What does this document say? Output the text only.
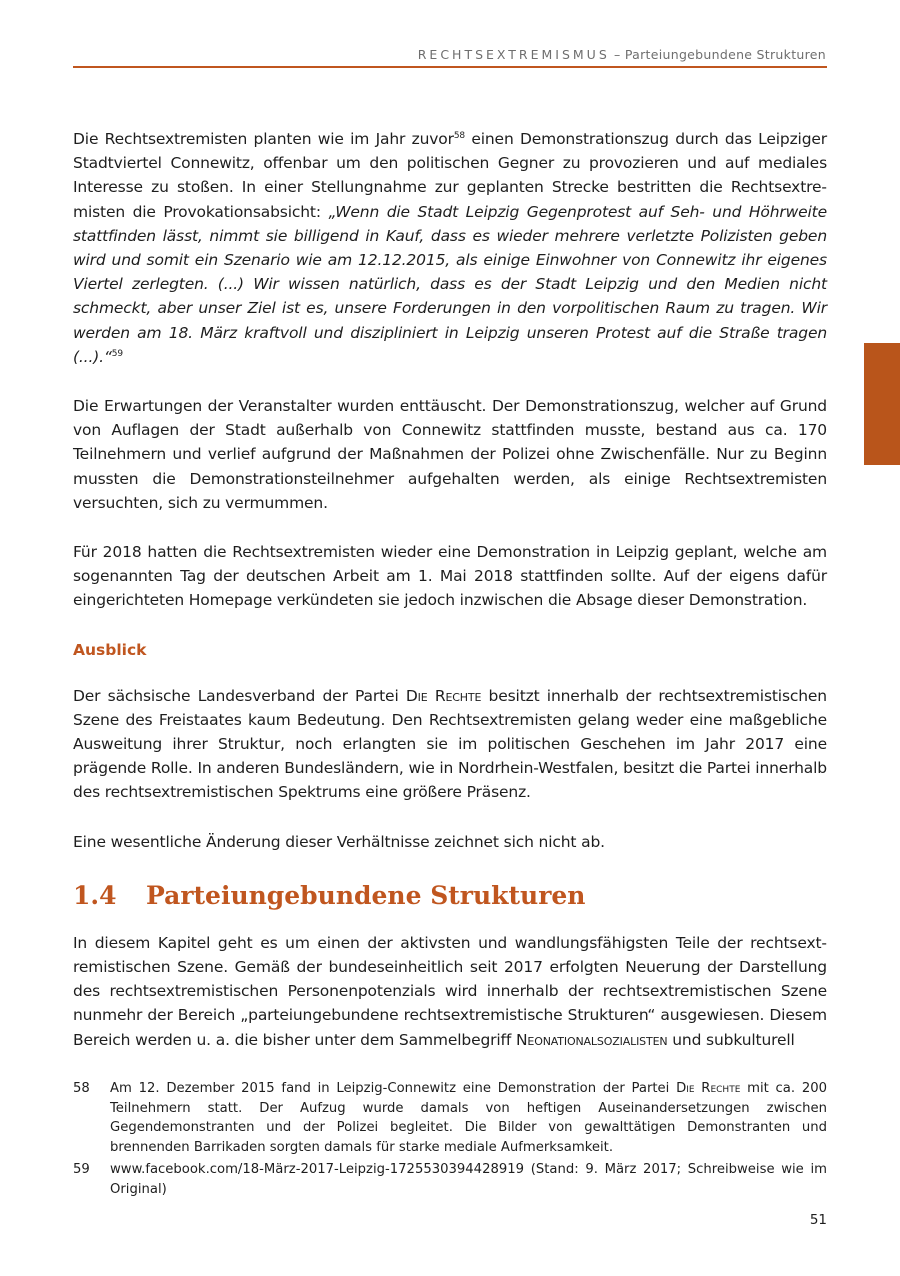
RECHTSEXTREMISMUS – Parteiungebundene Strukturen

Die Rechtsextremisten planten wie im Jahr zuvor$^{58}$ einen Demonstrationszug durch das Leipziger Stadtviertel Connewitz, offenbar um den politischen Gegner zu provozieren und auf mediales Interesse zu stoßen. In einer Stellungnahme zur geplanten Strecke bestritten die Rechtsextremisten die Provokationsabsicht: „Wenn die Stadt Leipzig Gegenprotest auf Seh- und Höhrweite stattfinden lässt, nimmt sie billigend in Kauf, dass es wieder mehrere verletzte Polizisten geben wird und somit ein Szenario wie am 12.12.2015, als einige Einwohner von Connewitz ihr eigenes Viertel zerlegten. (...) Wir wissen natürlich, dass es der Stadt Leipzig und den Medien nicht schmeckt, aber unser Ziel ist es, unsere Forderungen in den vorpolitischen Raum zu tragen. Wir werden am 18. März kraftvoll und diszipliniert in Leipzig unseren Protest auf die Straße tragen (...).“$^{59}$

Die Erwartungen der Veranstalter wurden enttäuscht. Der Demonstrationszug, welcher auf Grund von Auflagen der Stadt außerhalb von Connewitz stattfinden musste, bestand aus ca. 170 Teilnehmern und verlief aufgrund der Maßnahmen der Polizei ohne Zwischenfälle. Nur zu Beginn mussten die Demonstrationsteilnehmer aufgehalten werden, als einige Rechtsextremisten versuchten, sich zu vermummen.

Für 2018 hatten die Rechtsextremisten wieder eine Demonstration in Leipzig geplant, welche am sogenannten Tag der deutschen Arbeit am 1. Mai 2018 stattfinden sollte. Auf der eigens dafür eingerichteten Homepage verkündeten sie jedoch inzwischen die Absage dieser Demonstration.

Ausblick

Der sächsische Landesverband der Partei Die Rechte besitzt innerhalb der rechtsextremistischen Szene des Freistaates kaum Bedeutung. Den Rechtsextremisten gelang weder eine maßgebliche Ausweitung ihrer Struktur, noch erlangten sie im politischen Geschehen im Jahr 2017 eine prägende Rolle. In anderen Bundesländern, wie in Nordrhein-Westfalen, besitzt die Partei innerhalb des rechtsextremistischen Spektrums eine größere Präsenz.

Eine wesentliche Änderung dieser Verhältnisse zeichnet sich nicht ab.

1.4 Parteiungebundene Strukturen

In diesem Kapitel geht es um einen der aktivsten und wandlungsfähigsten Teile der rechtsextremistischen Szene. Gemäß der bundeseinheitlich seit 2017 erfolgten Neuerung der Darstellung des rechtsextremistischen Personenpotenzials wird innerhalb der rechtsextremistischen Szene nunmehr der Bereich „parteiungebundene rechtsextremistische Strukturen“ ausgewiesen. Diesem Bereich werden u. a. die bisher unter dem Sammelbegriff Neonationalsozialisten und subkulturell

58	Am 12. Dezember 2015 fand in Leipzig-Connewitz eine Demonstration der Partei Die Rechte mit ca. 200 Teilnehmern statt. Der Aufzug wurde damals von heftigen Auseinandersetzungen zwischen Gegendemonstranten und der Polizei begleitet. Die Bilder von gewalttätigen Demonstranten und brennenden Barrikaden sorgten damals für starke mediale Aufmerksamkeit.
59	www.facebook.com/18-März-2017-Leipzig-1725530394428919 (Stand: 9. März 2017; Schreibweise wie im Original)
51
